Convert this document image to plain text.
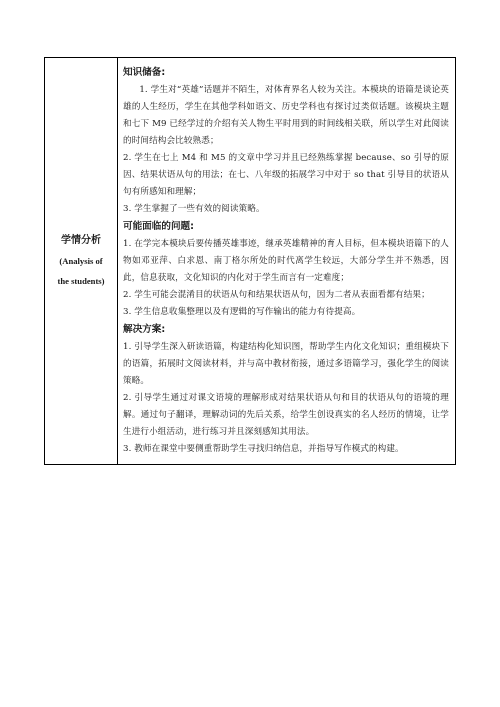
学情分析
(Analysis of
the students)

知识储备:
1. 学生对“英雄”话题并不陌生，对体育界名人较为关注。本模块的语篇是谈论英雄的人生经历，学生在其他学科如语文、历史学科也有探讨过类似话题。该模块主题和七下 M9 已经学过的介绍有关人物生平时用到的时间线相关联，所以学生对此阅读的时间结构会比较熟悉；
2. 学生在七上 M4 和 M5 的文章中学习并且已经熟练掌握 because、so 引导的原因、结果状语从句的用法；在七、八年级的拓展学习中对于 so that 引导目的状语从句有所感知和理解；
3. 学生掌握了一些有效的阅读策略。
可能面临的问题:
1. 在学完本模块后要传播英雄事迹，继承英雄精神的育人目标，但本模块语篇下的人物如邓亚萍、白求恩、南丁格尔所处的时代离学生较远，大部分学生并不熟悉，因此，信息获取，文化知识的内化对于学生而言有一定难度；
2. 学生可能会混淆目的状语从句和结果状语从句，因为二者从表面看都有结果；
3. 学生信息收集整理以及有逻辑的写作输出的能力有待提高。
解决方案:
1. 引导学生深入研读语篇，构建结构化知识图，帮助学生内化文化知识；重组模块下的语篇，拓展时文阅读材料，并与高中教材衔接，通过多语篇学习，强化学生的阅读策略。
2. 引导学生通过对课文语境的理解形成对结果状语从句和目的状语从句的语境的理解。通过句子翻译，理解动词的先后关系，给学生创设真实的名人经历的情境，让学生进行小组活动，进行练习并且深刻感知其用法。
3. 教师在课堂中要侧重帮助学生寻找归纳信息，并指导写作模式的构建。
